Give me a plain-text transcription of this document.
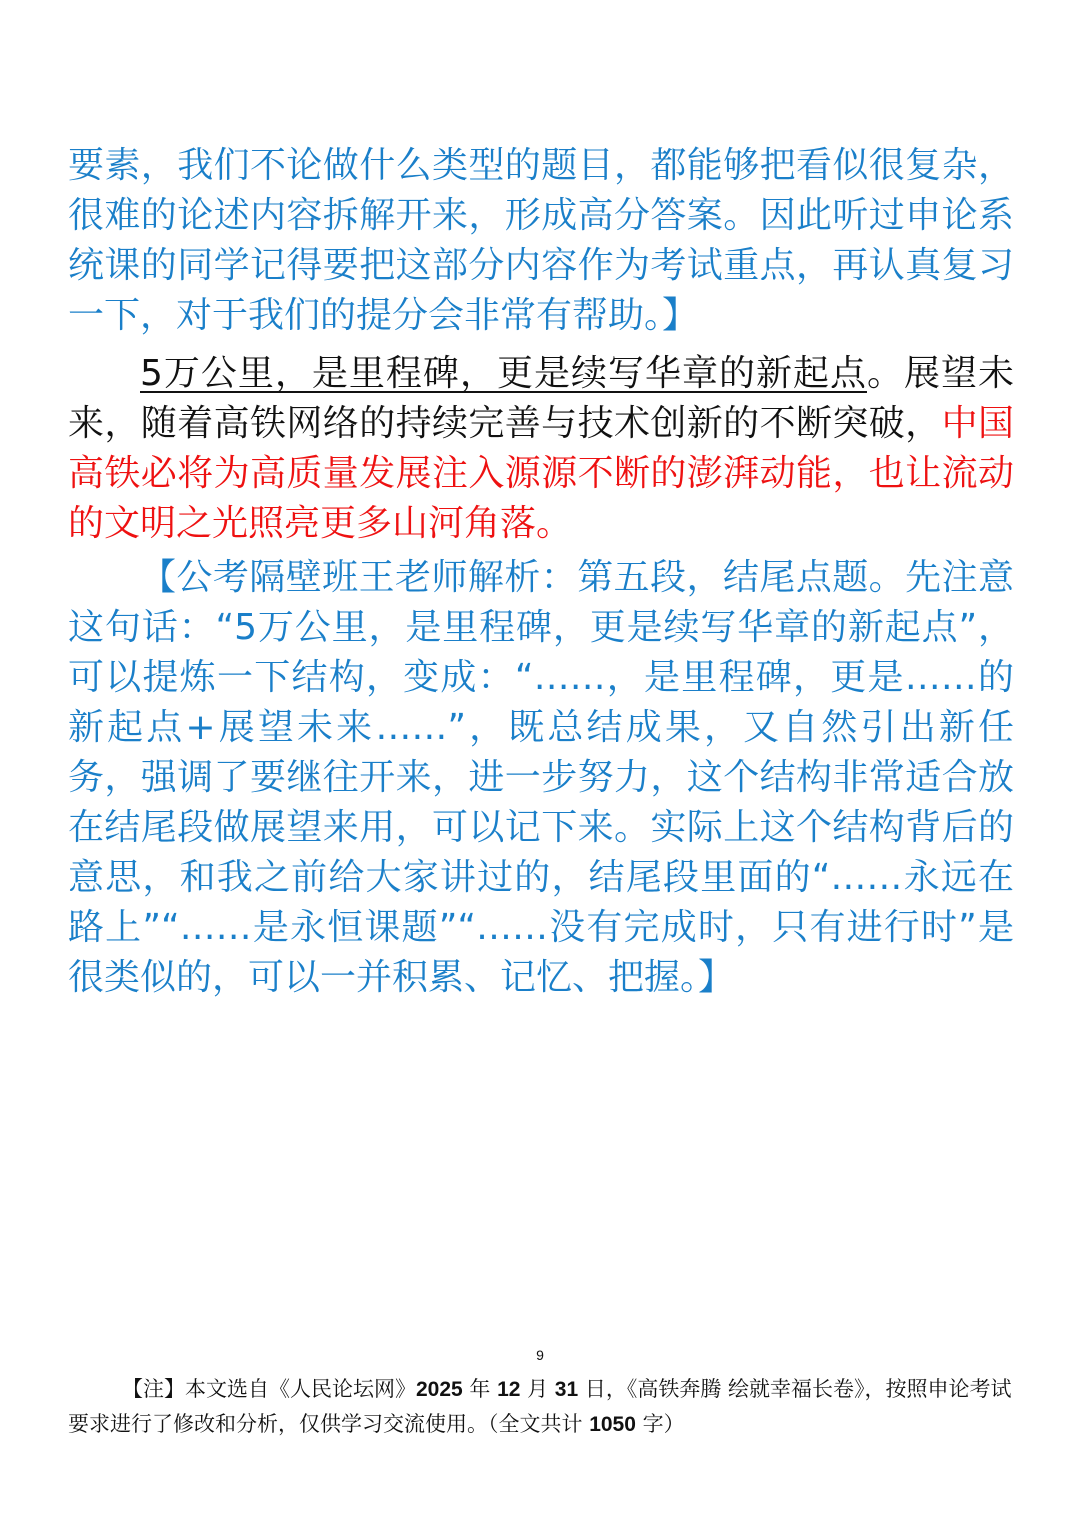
要素，我们不论做什么类型的题目，都能够把看似很复杂，很难的论述内容拆解开来，形成高分答案。因此听过申论系统课的同学记得要把这部分内容作为考试重点，再认真复习一下，对于我们的提分会非常有帮助。】

5万公里，是里程碑，更是续写华章的新起点。展望未来，随着高铁网络的持续完善与技术创新的不断突破，中国高铁必将为高质量发展注入源源不断的澎湃动能，也让流动的文明之光照亮更多山河角落。

【公考隔壁班王老师解析：第五段，结尾点题。先注意这句话：“5万公里，是里程碑，更是续写华章的新起点”，可以提炼一下结构，变成：“……，是里程碑，更是……的新起点+展望未来……”，既总结成果，又自然引出新任务，强调了要继往开来，进一步努力，这个结构非常适合放在结尾段做展望来用，可以记下来。实际上这个结构背后的意思，和我之前给大家讲过的，结尾段里面的“……永远在路上”“……是永恒课题”“……没有完成时，只有进行时”是很类似的，可以一并积累、记忆、把握。】

9

【注】本文选自《人民论坛网》2025 年 12 月 31 日，《高铁奔腾 绘就幸福长卷》，按照申论考试要求进行了修改和分析，仅供学习交流使用。（全文共计 1050 字）
